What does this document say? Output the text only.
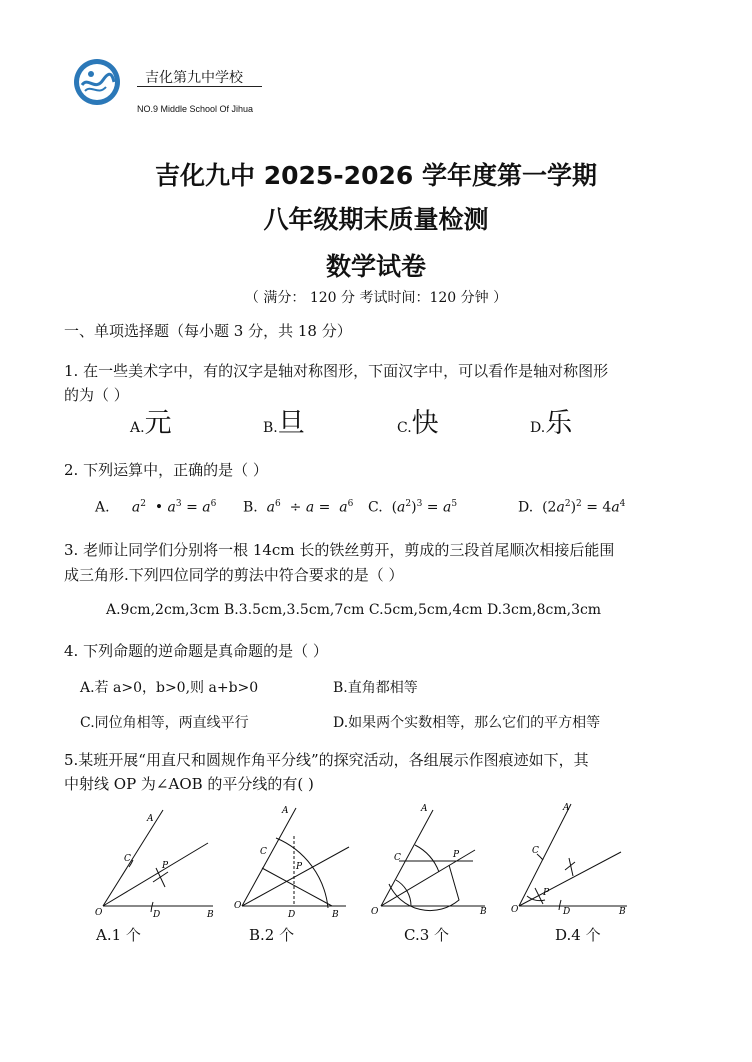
吉化第九中学校
NO.9 Middle School Of Jihua
吉化九中 2025-2026 学年度第一学期
八年级期末质量检测
数学试卷
（ 满分： 120 分 考试时间：120 分钟 ）
一、单项选择题（每小题 3 分，共 18 分）
1. 在一些美术字中，有的汉字是轴对称图形，下面汉字中，可以看作是轴对称图形
的为（ ）
A.元	B.旦	C.快	D.乐
2. 下列运算中，正确的是（ ）
A. $a^2$  • $a^3 = a^6$ B. $a^6 \div a = a^6$ C.  $(a^2)^3 = a^5$	D.  $(2a^2)^2 = 4a^4$
3. 老师让同学们分别将一根 14cm 长的铁丝剪开，剪成的三段首尾顺次相接后能围
成三角形.下列四位同学的剪法中符合要求的是（ ）
A.9cm,2cm,3cm B.3.5cm,3.5cm,7cm C.5cm,5cm,4cm D.3cm,8cm,3cm
4. 下列命题的逆命题是真命题的是（ ）
A.若 a>0，b>0,则 a+b>0	B.直角都相等
C.同位角相等，两直线平行	D.如果两个实数相等，那么它们的平方相等
5.某班开展“用直尺和圆规作角平分线”的探究活动，各组展示作图痕迹如下，其
中射线 OP 为∠AOB 的平分线的有( )
A
C
P
O	D	B
A
C
P
O
D	B
A
C	P
O	B
A
C
P
O	D	B
A.1 个	B.2 个	C.3 个	D.4 个
